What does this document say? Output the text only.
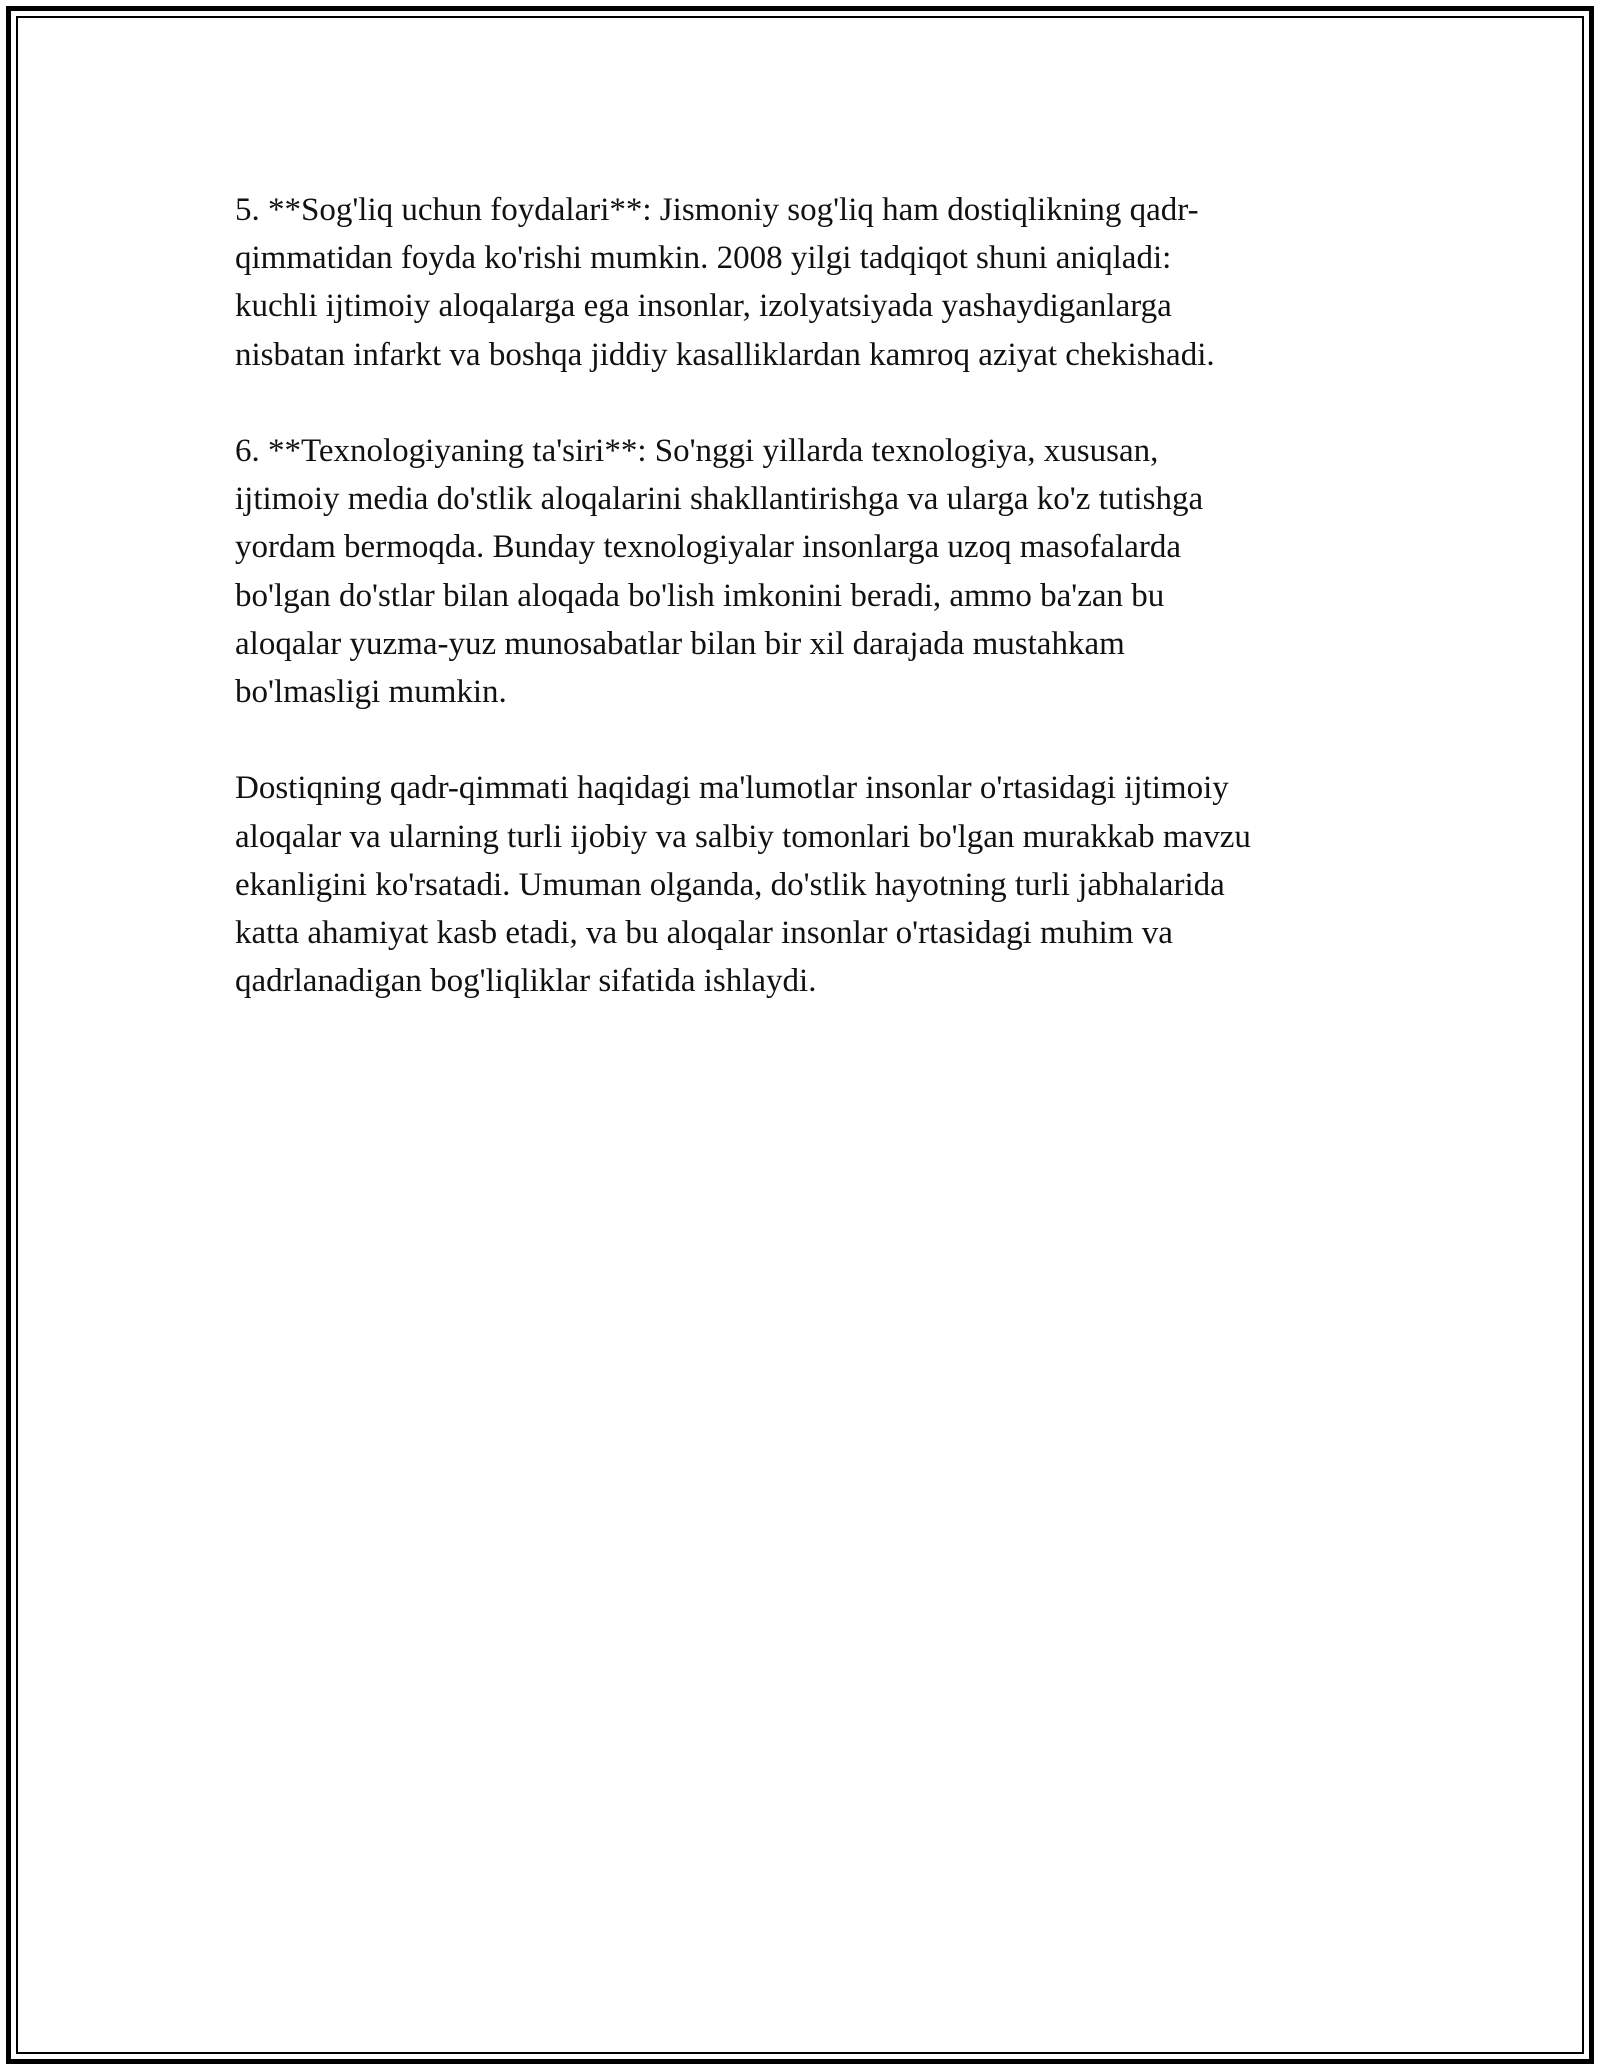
5. **Sog'liq uchun foydalari**: Jismoniy sog'liq ham dostiqlikning qadr-
qimmatidan foyda ko'rishi mumkin. 2008 yilgi tadqiqot shuni aniqladi:
kuchli ijtimoiy aloqalarga ega insonlar, izolyatsiyada yashaydiganlarga
nisbatan infarkt va boshqa jiddiy kasalliklardan kamroq aziyat chekishadi.

6. **Texnologiyaning ta'siri**: So'nggi yillarda texnologiya, xususan,
ijtimoiy media do'stlik aloqalarini shakllantirishga va ularga ko'z tutishga
yordam bermoqda. Bunday texnologiyalar insonlarga uzoq masofalarda
bo'lgan do'stlar bilan aloqada bo'lish imkonini beradi, ammo ba'zan bu
aloqalar yuzma-yuz munosabatlar bilan bir xil darajada mustahkam
bo'lmasligi mumkin.

Dostiqning qadr-qimmati haqidagi ma'lumotlar insonlar o'rtasidagi ijtimoiy
aloqalar va ularning turli ijobiy va salbiy tomonlari bo'lgan murakkab mavzu
ekanligini ko'rsatadi. Umuman olganda, do'stlik hayotning turli jabhalarida
katta ahamiyat kasb etadi, va bu aloqalar insonlar o'rtasidagi muhim va
qadrlanadigan bog'liqliklar sifatida ishlaydi.
